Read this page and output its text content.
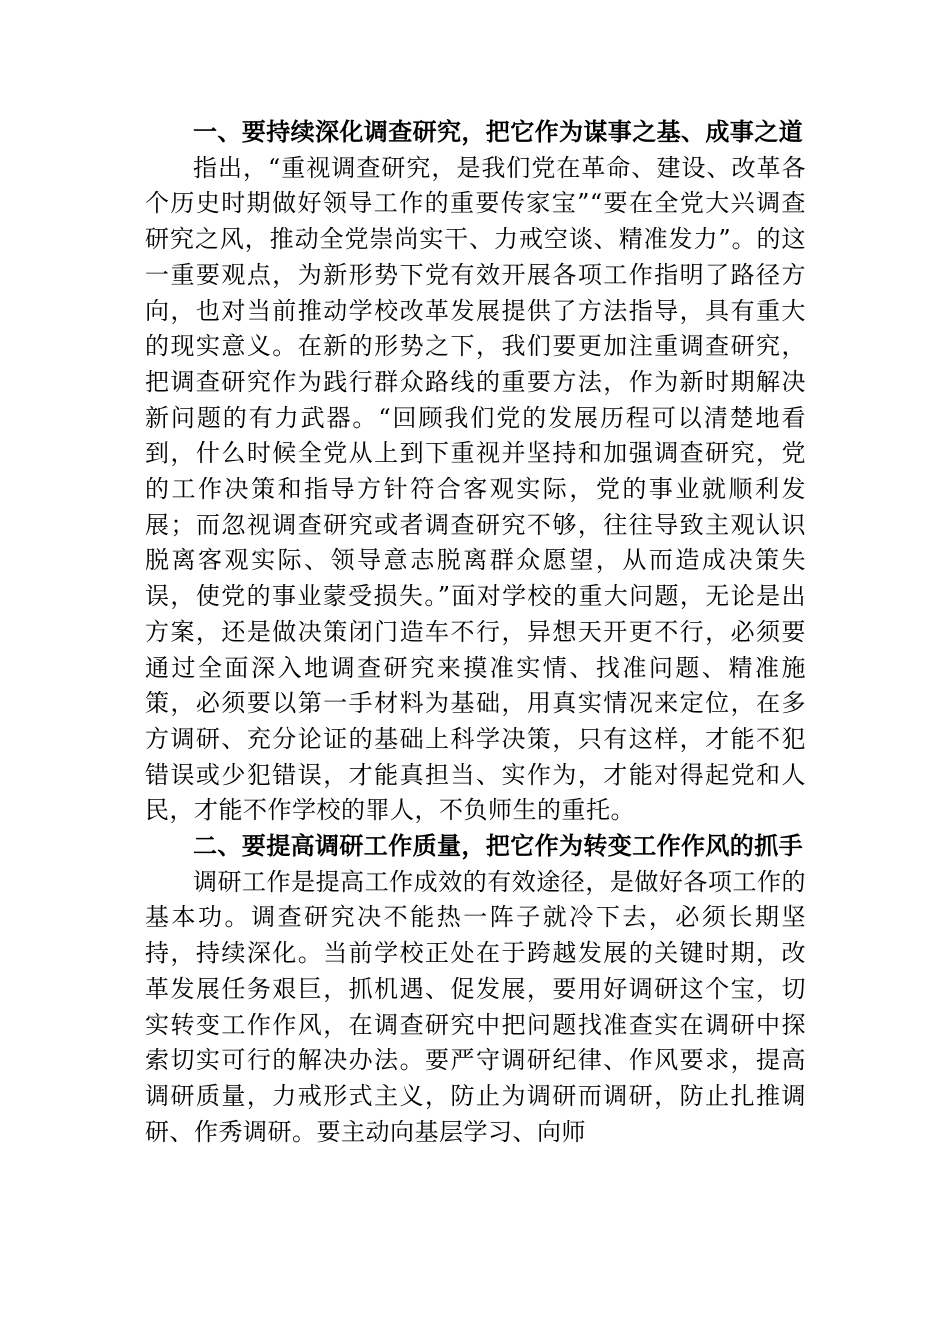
一、要持续深化调查研究，把它作为谋事之基、成事之道

指出，“重视调查研究，是我们党在革命、建设、改革各个历史时期做好领导工作的重要传家宝”“要在全党大兴调查研究之风，推动全党崇尚实干、力戒空谈、精准发力”。的这一重要观点，为新形势下党有效开展各项工作指明了路径方向，也对当前推动学校改革发展提供了方法指导，具有重大的现实意义。在新的形势之下，我们要更加注重调查研究，把调查研究作为践行群众路线的重要方法，作为新时期解决新问题的有力武器。“回顾我们党的发展历程可以清楚地看到，什么时候全党从上到下重视并坚持和加强调查研究，党的工作决策和指导方针符合客观实际，党的事业就顺利发展；而忽视调查研究或者调查研究不够，往往导致主观认识脱离客观实际、领导意志脱离群众愿望，从而造成决策失误，使党的事业蒙受损失。”面对学校的重大问题，无论是出方案，还是做决策闭门造车不行，异想天开更不行，必须要通过全面深入地调查研究来摸准实情、找准问题、精准施策，必须要以第一手材料为基础，用真实情况来定位，在多方调研、充分论证的基础上科学决策，只有这样，才能不犯错误或少犯错误，才能真担当、实作为，才能对得起党和人民，才能不作学校的罪人，不负师生的重托。

二、要提高调研工作质量，把它作为转变工作作风的抓手

调研工作是提高工作成效的有效途径，是做好各项工作的基本功。调查研究决不能热一阵子就冷下去，必须长期坚持，持续深化。当前学校正处在于跨越发展的关键时期，改革发展任务艰巨，抓机遇、促发展，要用好调研这个宝，切实转变工作作风，在调查研究中把问题找准查实在调研中探索切实可行的解决办法。要严守调研纪律、作风要求，提高调研质量，力戒形式主义，防止为调研而调研，防止扎推调研、作秀调研。要主动向基层学习、向师
